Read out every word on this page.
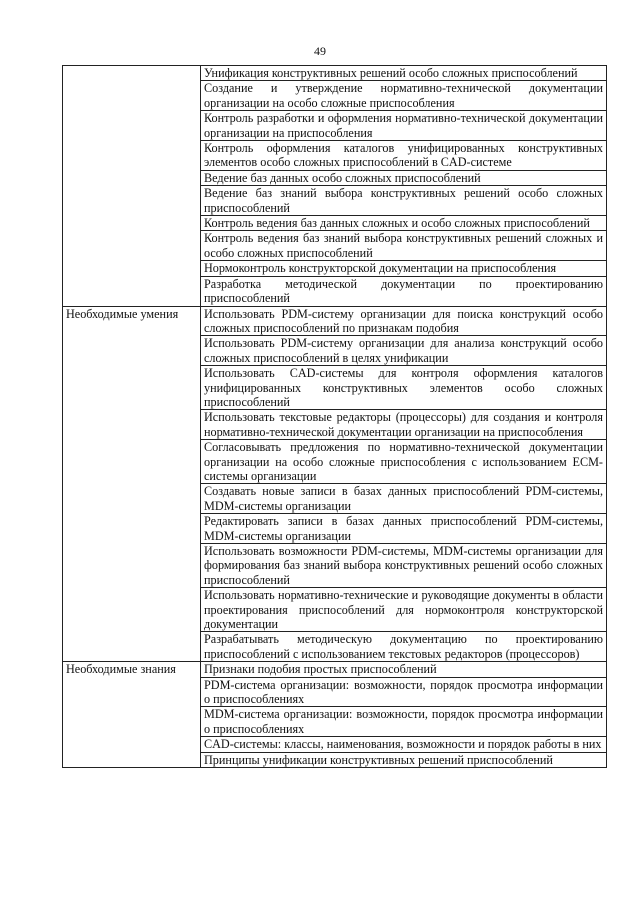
49
	Унификация конструктивных решений особо сложных приспособлений
	Создание и утверждение нормативно-технической документации организации на особо сложные приспособления
	Контроль разработки и оформления нормативно-технической документации организации на приспособления
	Контроль оформления каталогов унифицированных конструктивных элементов особо сложных приспособлений в CAD-системе
	Ведение баз данных особо сложных приспособлений
	Ведение баз знаний выбора конструктивных решений особо сложных приспособлений
	Контроль ведения баз данных сложных и особо сложных приспособлений
	Контроль ведения баз знаний выбора конструктивных решений сложных и особо сложных приспособлений
	Нормоконтроль конструкторской документации на приспособления
	Разработка методической документации по проектированию приспособлений
Необходимые умения	Использовать PDM-систему организации для поиска конструкций особо сложных приспособлений по признакам подобия
	Использовать PDM-систему организации для анализа конструкций особо сложных приспособлений в целях унификации
	Использовать CAD-системы для контроля оформления каталогов унифицированных конструктивных элементов особо сложных приспособлений
	Использовать текстовые редакторы (процессоры) для создания и контроля нормативно-технической документации организации на приспособления
	Согласовывать предложения по нормативно-технической документации организации на особо сложные приспособления с использованием ECM-системы организации
	Создавать новые записи в базах данных приспособлений PDM-системы, MDM-системы организации
	Редактировать записи в базах данных приспособлений PDM-системы, MDM-системы организации
	Использовать возможности PDM-системы, MDM-системы организации для формирования баз знаний выбора конструктивных решений особо сложных приспособлений
	Использовать нормативно-технические и руководящие документы в области проектирования приспособлений для нормоконтроля конструкторской документации
	Разрабатывать методическую документацию по проектированию приспособлений с использованием текстовых редакторов (процессоров)
Необходимые знания	Признаки подобия простых приспособлений
	PDM-система организации: возможности, порядок просмотра информации о приспособлениях
	MDM-система организации: возможности, порядок просмотра информации о приспособлениях
	CAD-системы: классы, наименования, возможности и порядок работы в них
	Принципы унификации конструктивных решений приспособлений
